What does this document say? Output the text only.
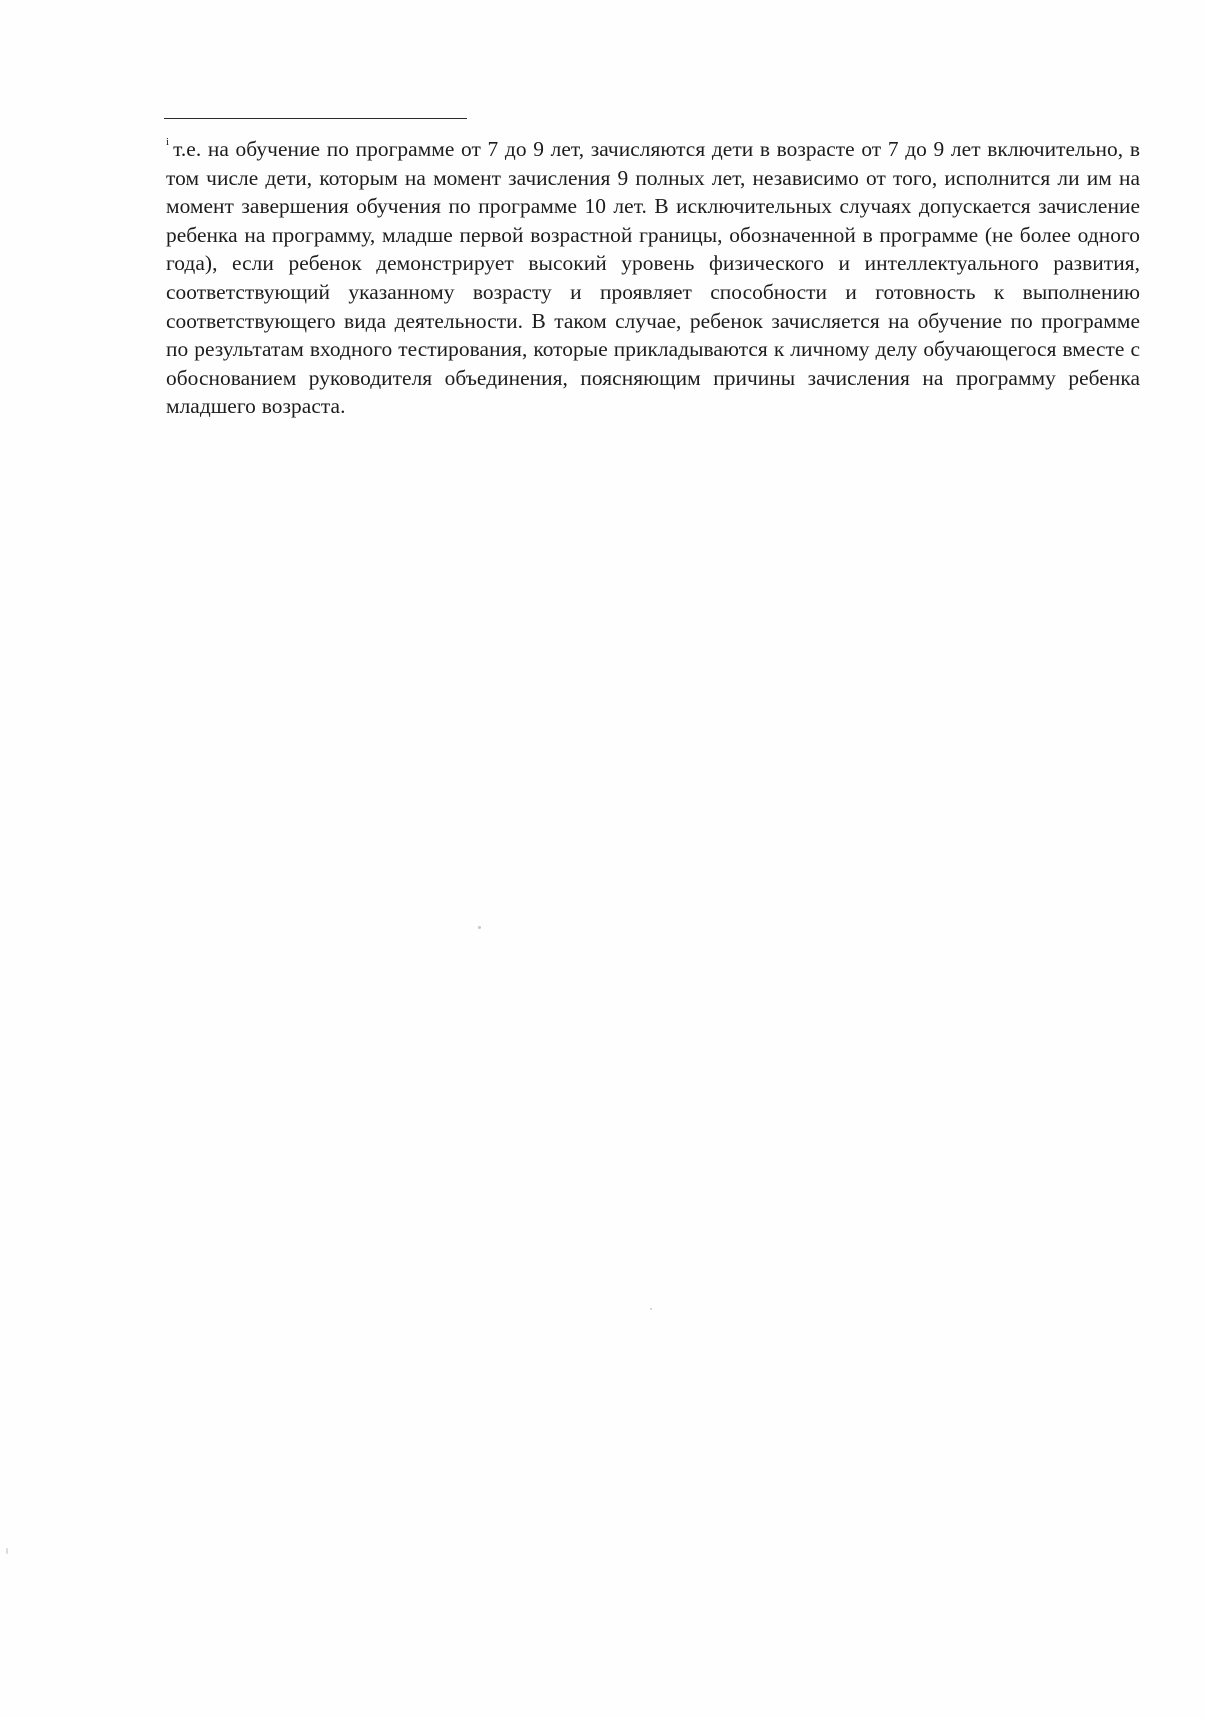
$^i$ т.е. на обучение по программе от 7 до 9 лет, зачисляются дети в возрасте от 7 до 9 лет включительно, в том числе дети, которым на момент зачисления 9 полных лет, независимо от того, исполнится ли им на момент завершения обучения по программе 10 лет. В исключительных случаях допускается зачисление ребенка на программу, младше первой возрастной границы, обозначенной в программе (не более одного года), если ребенок демонстрирует высокий уровень физического и интеллектуального развития, соответствующий указанному возрасту и проявляет способности и готовность к выполнению соответствующего вида деятельности. В таком случае, ребенок зачисляется на обучение по программе по результатам входного тестирования, которые прикладываются к личному делу обучающегося вместе с обоснованием руководителя объединения, поясняющим причины зачисления на программу ребенка младшего возраста.
